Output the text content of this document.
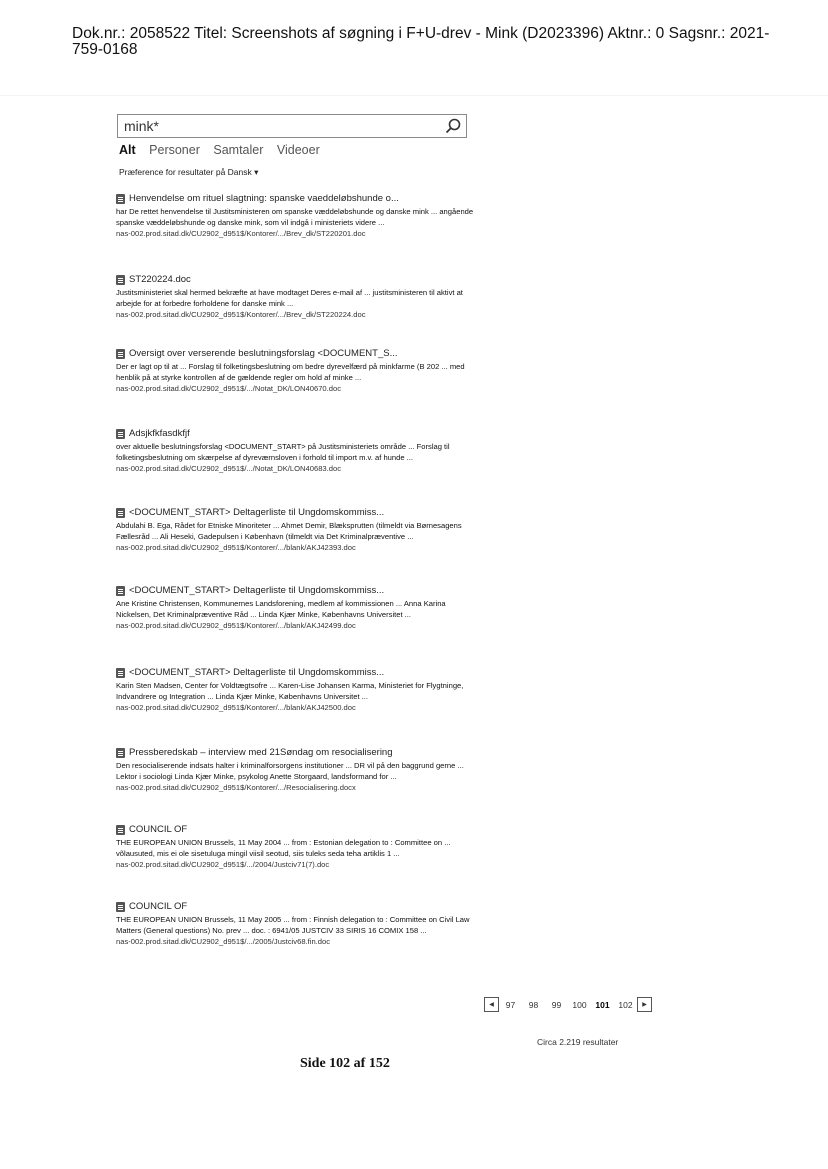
Dok.nr.: 2058522 Titel: Screenshots af søgning i F+U-drev - Mink (D2023396) Aktnr.: 0 Sagsnr.: 2021-759-0168
mink*
Alt Personer Samtaler Videoer
Præference for resultater på Dansk ▾
Henvendelse om rituel slagtning: spanske vaeddeløbshunde o...
har De rettet henvendelse til Justitsministeren om spanske væddeløbshunde og danske mink ... angående spanske væddeløbshunde og danske mink, som vil indgå i ministeriets videre ...
nas-002.prod.sitad.dk/CU2902_d951$/Kontorer/.../Brev_dk/ST220201.doc
ST220224.doc
Justitsministeriet skal hermed bekræfte at have modtaget Deres e-mail af ... justitsministeren til aktivt at arbejde for at forbedre forholdene for danske mink ...
nas-002.prod.sitad.dk/CU2902_d951$/Kontorer/.../Brev_dk/ST220224.doc
Oversigt over verserende beslutningsforslag <DOCUMENT_S...
Der er lagt op til at ... Forslag til folketingsbeslutning om bedre dyrevelfærd på minkfarme (B 202 ... med henblik på at styrke kontrollen af de gældende regler om hold af minke ...
nas-002.prod.sitad.dk/CU2902_d951$/.../Notat_DK/LON40670.doc
Adsjkfkfasdkfjf
over aktuelle beslutningsforslag <DOCUMENT_START> på Justitsministeriets område ... Forslag til folketingsbeslutning om skærpelse af dyreværnsloven i forhold til import m.v. af hunde ...
nas-002.prod.sitad.dk/CU2902_d951$/.../Notat_DK/LON40683.doc
<DOCUMENT_START> Deltagerliste til Ungdomskommiss...
Abdulahi B. Ega, Rådet for Etniske Minoriteter ... Ahmet Demir, Blæksprutten (tilmeldt via Børnesagens Fællesråd ... Ali Heseki, Gadepulsen i København (tilmeldt via Det Kriminalpræventive ...
nas-002.prod.sitad.dk/CU2902_d951$/Kontorer/.../blank/AKJ42393.doc
<DOCUMENT_START> Deltagerliste til Ungdomskommiss...
Ane Kristine Christensen, Kommunernes Landsforening, medlem af kommissionen ... Anna Karina Nickelsen, Det Kriminalpræventive Råd ... Linda Kjær Minke, Københavns Universitet ...
nas-002.prod.sitad.dk/CU2902_d951$/Kontorer/.../blank/AKJ42499.doc
<DOCUMENT_START> Deltagerliste til Ungdomskommiss...
Karin Sten Madsen, Center for Voldtægtsofre ... Karen-Lise Johansen Karma, Ministeriet for Flygtninge, Indvandrere og Integration ... Linda Kjær Minke, Københavns Universitet ...
nas-002.prod.sitad.dk/CU2902_d951$/Kontorer/.../blank/AKJ42500.doc
Pressberedskab – interview med 21Søndag om resocialisering
Den resocialiserende indsats halter i kriminalforsorgens institutioner ... DR vil på den baggrund gerne ... Lektor i sociologi Linda Kjær Minke, psykolog Anette Storgaard, landsformand for ...
nas-002.prod.sitad.dk/CU2902_d951$/Kontorer/.../Resocialisering.docx
COUNCIL OF
THE EUROPEAN UNION Brussels, 11 May 2004 ... from : Estonian delegation to : Committee on ... võlausuted, mis ei ole sisetuluga mingil viisil seotud, siis tuleks seda teha artiklis 1 ...
nas-002.prod.sitad.dk/CU2902_d951$/.../2004/Justciv71(7).doc
COUNCIL OF
THE EUROPEAN UNION Brussels, 11 May 2005 ... from : Finnish delegation to : Committee on Civil Law Matters (General questions) No. prev ... doc. : 6941/05 JUSTCIV 33 SIRIS 16 COMIX 158 ...
nas-002.prod.sitad.dk/CU2902_d951$/.../2005/Justciv68.fin.doc
◀	97	98	99	100	101	102	▶
Circa 2.219 resultater
Side 102 af 152
